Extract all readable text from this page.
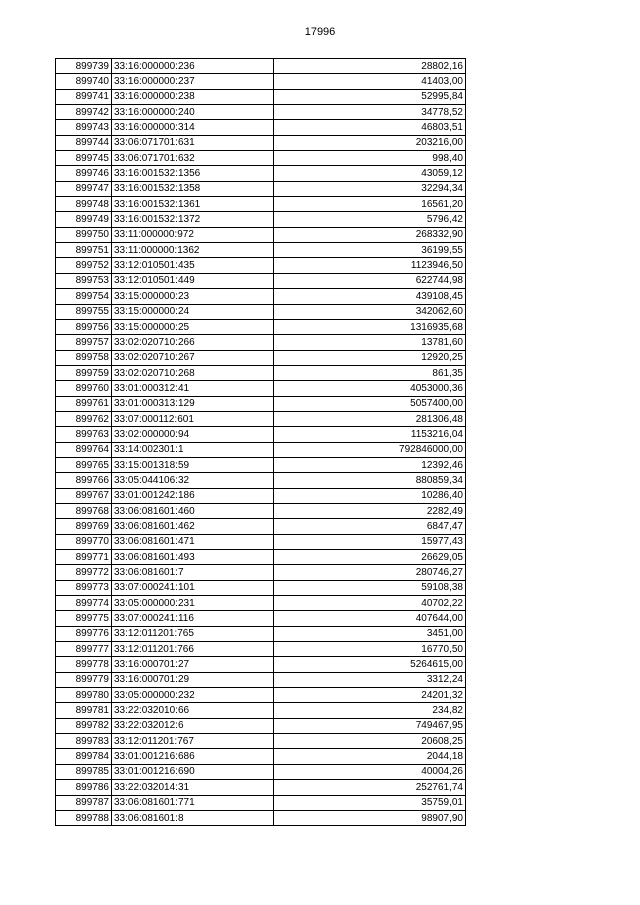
17996
899739	33:16:000000:236	28802,16
899740	33:16:000000:237	41403,00
899741	33:16:000000:238	52995,84
899742	33:16:000000:240	34778,52
899743	33:16:000000:314	46803,51
899744	33:06:071701:631	203216,00
899745	33:06:071701:632	998,40
899746	33:16:001532:1356	43059,12
899747	33:16:001532:1358	32294,34
899748	33:16:001532:1361	16561,20
899749	33:16:001532:1372	5796,42
899750	33:11:000000:972	268332,90
899751	33:11:000000:1362	36199,55
899752	33:12:010501:435	1123946,50
899753	33:12:010501:449	622744,98
899754	33:15:000000:23	439108,45
899755	33:15:000000:24	342062,60
899756	33:15:000000:25	1316935,68
899757	33:02:020710:266	13781,60
899758	33:02:020710:267	12920,25
899759	33:02:020710:268	861,35
899760	33:01:000312:41	4053000,36
899761	33:01:000313:129	5057400,00
899762	33:07:000112:601	281306,48
899763	33:02:000000:94	1153216,04
899764	33:14:002301:1	792846000,00
899765	33:15:001318:59	12392,46
899766	33:05:044106:32	880859,34
899767	33:01:001242:186	10286,40
899768	33:06:081601:460	2282,49
899769	33:06:081601:462	6847,47
899770	33:06:081601:471	15977,43
899771	33:06:081601:493	26629,05
899772	33:06:081601:7	280746,27
899773	33:07:000241:101	59108,38
899774	33:05:000000:231	40702,22
899775	33:07:000241:116	407644,00
899776	33:12:011201:765	3451,00
899777	33:12:011201:766	16770,50
899778	33:16:000701:27	5264615,00
899779	33:16:000701:29	3312,24
899780	33:05:000000:232	24201,32
899781	33:22:032010:66	234,82
899782	33:22:032012:6	749467,95
899783	33:12:011201:767	20608,25
899784	33:01:001216:686	2044,18
899785	33:01:001216:690	40004,26
899786	33:22:032014:31	252761,74
899787	33:06:081601:771	35759,01
899788	33:06:081601:8	98907,90
